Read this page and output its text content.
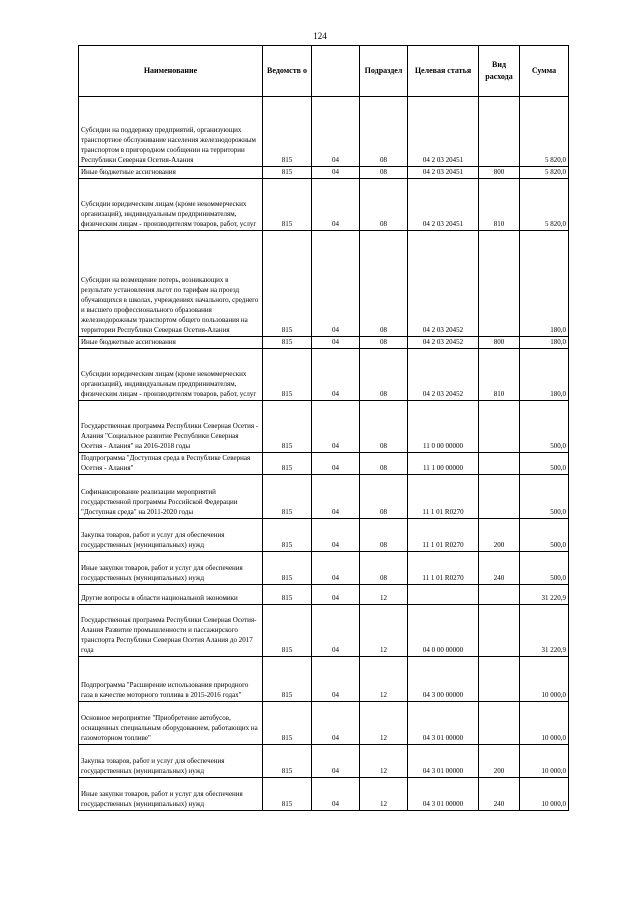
124
Наименование	Ведомств о		Подраздел	Целевая статья	Вид расхода	Сумма
Субсидии на поддержку предприятий, организующих транспортное обслуживание населения железнодорожным транспортом в пригородном сообщении на территории Республики Северная Осетия-Алания	815	04	08	04 2 03 20451		5 820,0
Иные бюджетные ассигнования	815	04	08	04 2 03 20451	800	5 820,0
Субсидии юридическим лицам (кроме некоммерческих организаций), индивидуальным предпринимателям, физическим лицам - производителям товаров, работ, услуг	815	04	08	04 2 03 20451	810	5 820,0
Субсидии на возмещение потерь, возникающих в результате установления льгот по тарифам на проезд обучающихся в школах, учреждениях начального, среднего и высшего профессионального образования железнодорожным транспортом общего пользования на территории Республики Северная Осетия-Алания	815	04	08	04 2 03 20452		180,0
Иные бюджетные ассигнования	815	04	08	04 2 03 20452	800	180,0
Субсидии юридическим лицам (кроме некоммерческих организаций), индивидуальным предпринимателям, физическим лицам - производителям товаров, работ, услуг	815	04	08	04 2 03 20452	810	180,0
Государственная программа Республики Северная Осетия - Алания "Социальное развитие Республики Северная Осетия - Алания" на 2016-2018 годы	815	04	08	11 0 00 00000		500,0
Подпрограмма "Доступная среда в Республике Северная Осетия - Алания"	815	04	08	11 1 00 00000		500,0
Софинансирование реализации мероприятий государственной программы Российской Федерации "Доступная среда" на 2011-2020 годы	815	04	08	11 1 01 R0270		500,0
Закупка товаров, работ и услуг для обеспечения государственных (муниципальных) нужд	815	04	08	11 1 01 R0270	200	500,0
Иные закупки товаров, работ и услуг для обеспечения государственных (муниципальных) нужд	815	04	08	11 1 01 R0270	240	500,0
Другие вопросы в области национальной экономики	815	04	12			31 220,9
Государственная программа Республики Северная Осетия-Алания Развитие промышленности и пассажирского транспорта Республики Северная Осетия Алания до 2017 года	815	04	12	04 0 00 00000		31 220,9
Подпрограмма "Расширение использования природного газа в качестве моторного топлива в 2015-2016 годах"	815	04	12	04 3 00 00000		10 000,0
Основное мероприятие "Приобретение автобусов, оснащенных специальным оборудованием, работающих на газомоторном топливе"	815	04	12	04 3 01 00000		10 000,0
Закупка товаров, работ и услуг для обеспечения государственных (муниципальных) нужд	815	04	12	04 3 01 00000	200	10 000,0
Иные закупки товаров, работ и услуг для обеспечения государственных (муниципальных) нужд	815	04	12	04 3 01 00000	240	10 000,0
